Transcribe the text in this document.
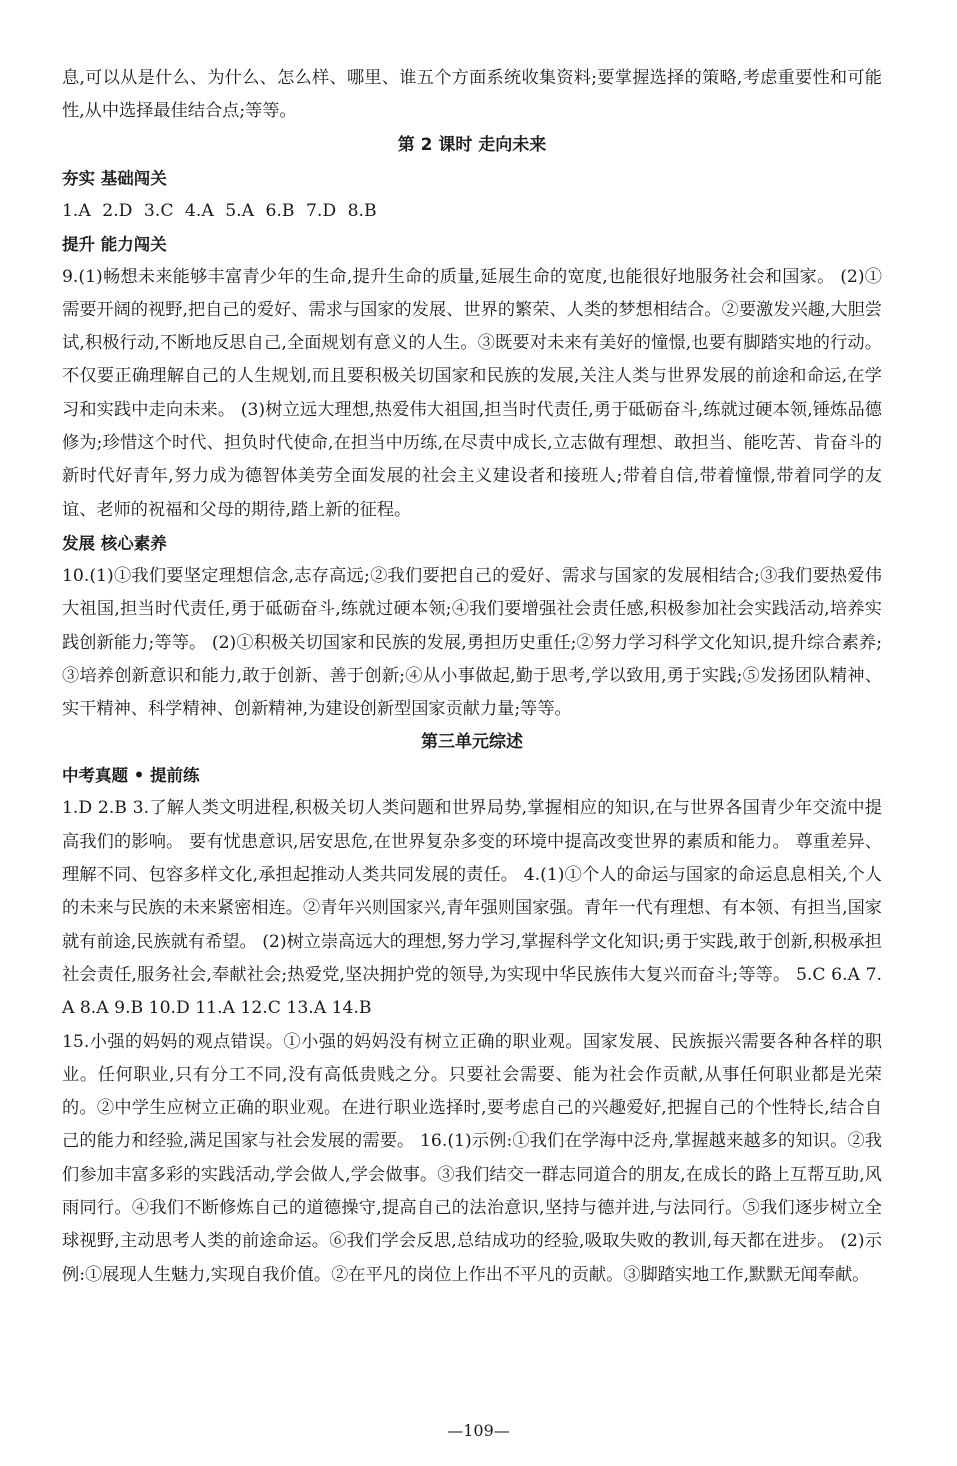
息,可以从是什么、为什么、怎么样、哪里、谁五个方面系统收集资料;要掌握选择的策略,考虑重要性和可能性,从中选择最佳结合点;等等。

第 2 课时 走向未来

夯实 基础闯关

1.A 2.D 3.C 4.A 5.A 6.B 7.D 8.B

提升 能力闯关

9.(1)畅想未来能够丰富青少年的生命,提升生命的质量,延展生命的宽度,也能很好地服务社会和国家。 (2)①需要开阔的视野,把自己的爱好、需求与国家的发展、世界的繁荣、人类的梦想相结合。②要激发兴趣,大胆尝试,积极行动,不断地反思自己,全面规划有意义的人生。③既要对未来有美好的憧憬,也要有脚踏实地的行动。不仅要正确理解自己的人生规划,而且要积极关切国家和民族的发展,关注人类与世界发展的前途和命运,在学习和实践中走向未来。 (3)树立远大理想,热爱伟大祖国,担当时代责任,勇于砥砺奋斗,练就过硬本领,锤炼品德修为;珍惜这个时代、担负时代使命,在担当中历练,在尽责中成长,立志做有理想、敢担当、能吃苦、肯奋斗的新时代好青年,努力成为德智体美劳全面发展的社会主义建设者和接班人;带着自信,带着憧憬,带着同学的友谊、老师的祝福和父母的期待,踏上新的征程。

发展 核心素养

10.(1)①我们要坚定理想信念,志存高远;②我们要把自己的爱好、需求与国家的发展相结合;③我们要热爱伟大祖国,担当时代责任,勇于砥砺奋斗,练就过硬本领;④我们要增强社会责任感,积极参加社会实践活动,培养实践创新能力;等等。 (2)①积极关切国家和民族的发展,勇担历史重任;②努力学习科学文化知识,提升综合素养;③培养创新意识和能力,敢于创新、善于创新;④从小事做起,勤于思考,学以致用,勇于实践;⑤发扬团队精神、实干精神、科学精神、创新精神,为建设创新型国家贡献力量;等等。

第三单元综述

中考真题 • 提前练

1.D 2.B 3.了解人类文明进程,积极关切人类问题和世界局势,掌握相应的知识,在与世界各国青少年交流中提高我们的影响。 要有忧患意识,居安思危,在世界复杂多变的环境中提高改变世界的素质和能力。 尊重差异、理解不同、包容多样文化,承担起推动人类共同发展的责任。 4.(1)①个人的命运与国家的命运息息相关,个人的未来与民族的未来紧密相连。②青年兴则国家兴,青年强则国家强。青年一代有理想、有本领、有担当,国家就有前途,民族就有希望。 (2)树立崇高远大的理想,努力学习,掌握科学文化知识;勇于实践,敢于创新,积极承担社会责任,服务社会,奉献社会;热爱党,坚决拥护党的领导,为实现中华民族伟大复兴而奋斗;等等。 5.C 6.A 7.A 8.A 9.B 10.D 11.A 12.C 13.A 14.B

15.小强的妈妈的观点错误。①小强的妈妈没有树立正确的职业观。国家发展、民族振兴需要各种各样的职业。任何职业,只有分工不同,没有高低贵贱之分。只要社会需要、能为社会作贡献,从事任何职业都是光荣的。②中学生应树立正确的职业观。在进行职业选择时,要考虑自己的兴趣爱好,把握自己的个性特长,结合自己的能力和经验,满足国家与社会发展的需要。 16.(1)示例:①我们在学海中泛舟,掌握越来越多的知识。②我们参加丰富多彩的实践活动,学会做人,学会做事。③我们结交一群志同道合的朋友,在成长的路上互帮互助,风雨同行。④我们不断修炼自己的道德操守,提高自己的法治意识,坚持与德并进,与法同行。⑤我们逐步树立全球视野,主动思考人类的前途命运。⑥我们学会反思,总结成功的经验,吸取失败的教训,每天都在进步。 (2)示例:①展现人生魅力,实现自我价值。②在平凡的岗位上作出不平凡的贡献。③脚踏实地工作,默默无闻奉献。

—109—
